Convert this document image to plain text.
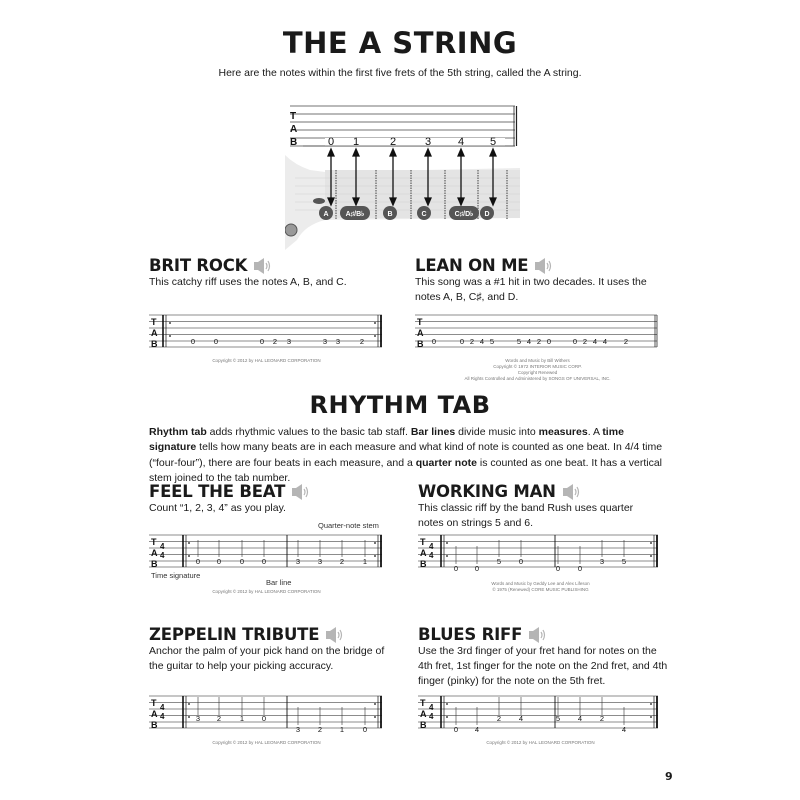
THE A STRING
Here are the notes within the first five frets of the 5th string, called the A string.
T
A
B	0 1	2	3 4 5
A A♯/B♭	B	C	C♯/D♭ D
BRIT ROCK
This catchy riff uses the notes A, B, and C.
T
A
B	0	0	0 2 3	3 3	2
Copyright © 2012 by HAL LEONARD CORPORATION
LEAN ON ME
This song was a #1 hit in two decades. It uses the notes A, B, C♯, and D.
T
A
B 0	0 2 4 5	5 4 2 0	0 2 4 4 2
Words and Music by Bill Withers
Copyright © 1972 INTERIOR MUSIC CORP.
Copyright Renewed
All Rights Controlled and Administered by SONGS OF UNIVERSAL, INC.
RHYTHM TAB
Rhythm tab adds rhythmic values to the basic tab staff. Bar lines divide music into measures. A time signature tells how many beats are in each measure and what kind of note is counted as one beat. In 4/4 time (“four-four”), there are four beats in each measure, and a quarter note is counted as one beat. It has a vertical stem joined to the tab number.
FEEL THE BEAT
Count “1, 2, 3, 4” as you play.
Quarter-note stem
T
A
B
4
4
0 0	0 0	3 3 2	1
Time signature
Bar line
Copyright © 2012 by HAL LEONARD CORPORATION
WORKING MAN
This classic riff by the band Rush uses quarter notes on strings 5 and 6.
T
A
B
4
4
0 0
5 0
0 0
3 5
Words and Music by Geddy Lee and Alex Lifeson
© 1975 (Renewed) CORE MUSIC PUBLISHING
ZEPPELIN TRIBUTE
Anchor the palm of your pick hand on the bridge of the guitar to help your picking accuracy.
T
A
B
4
4	3 2	1 0
3 2 1	0
Copyright © 2012 by HAL LEONARD CORPORATION
BLUES RIFF
Use the 3rd finger of your fret hand for notes on the 4th fret, 1st finger for the note on the 2nd fret, and 4th finger (pinky) for the note on the 5th fret.
T
A
B
4
4
0 4
2 4	5 4 2
4
Copyright © 2012 by HAL LEONARD CORPORATION
9
